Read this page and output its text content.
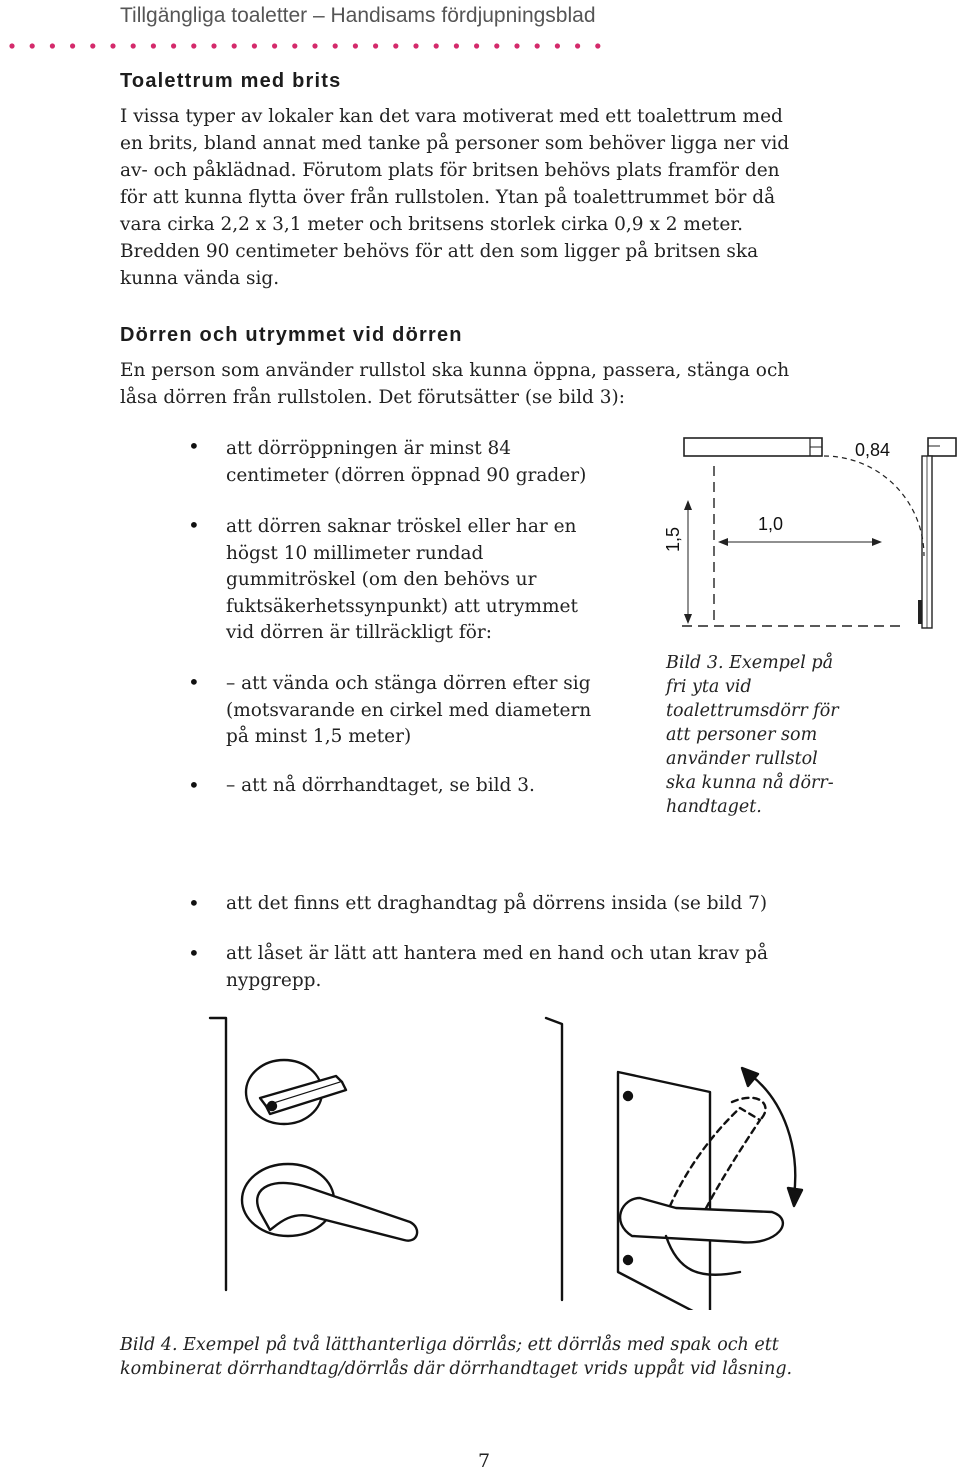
Tillgängliga toaletter – Handisams fördjupningsblad
Toalettrum med brits
I vissa typer av lokaler kan det vara motiverat med ett toalettrum med
en brits, bland annat med tanke på personer som behöver ligga ner vid
av- och påklädnad. Förutom plats för britsen behövs plats framför den
för att kunna flytta över från rullstolen. Ytan på toalettrummet bör då
vara cirka 2,2 x 3,1 meter och britsens storlek cirka 0,9 x 2 meter.
Bredden 90 centimeter behövs för att den som ligger på britsen ska
kunna vända sig.
Dörren och utrymmet vid dörren
En person som använder rullstol ska kunna öppna, passera, stänga och
låsa dörren från rullstolen. Det förutsätter (se bild 3):
• att dörröppningen är minst 84
centimeter (dörren öppnad 90 grader)
• att dörren saknar tröskel eller har en
högst 10 millimeter rundad
gummitröskel (om den behövs ur
fuktsäkerhetssynpunkt) att utrymmet
vid dörren är tillräckligt för:
• – att vända och stänga dörren efter sig
(motsvarande en cirkel med diametern
på minst 1,5 meter)
• – att nå dörrhandtaget, se bild 3.
0,84
1,0
1,5
Bild 3. Exempel på
fri yta vid
toalettrumsdörr för
att personer som
använder rullstol
ska kunna nå dörr-
handtaget.
• att det finns ett draghandtag på dörrens insida (se bild 7)
• att låset är lätt att hantera med en hand och utan krav på
nypgrepp.
Bild 4. Exempel på två lätthanterliga dörrlås; ett dörrlås med spak och ett
kombinerat dörrhandtag/dörrlås där dörrhandtaget vrids uppåt vid låsning.
7
